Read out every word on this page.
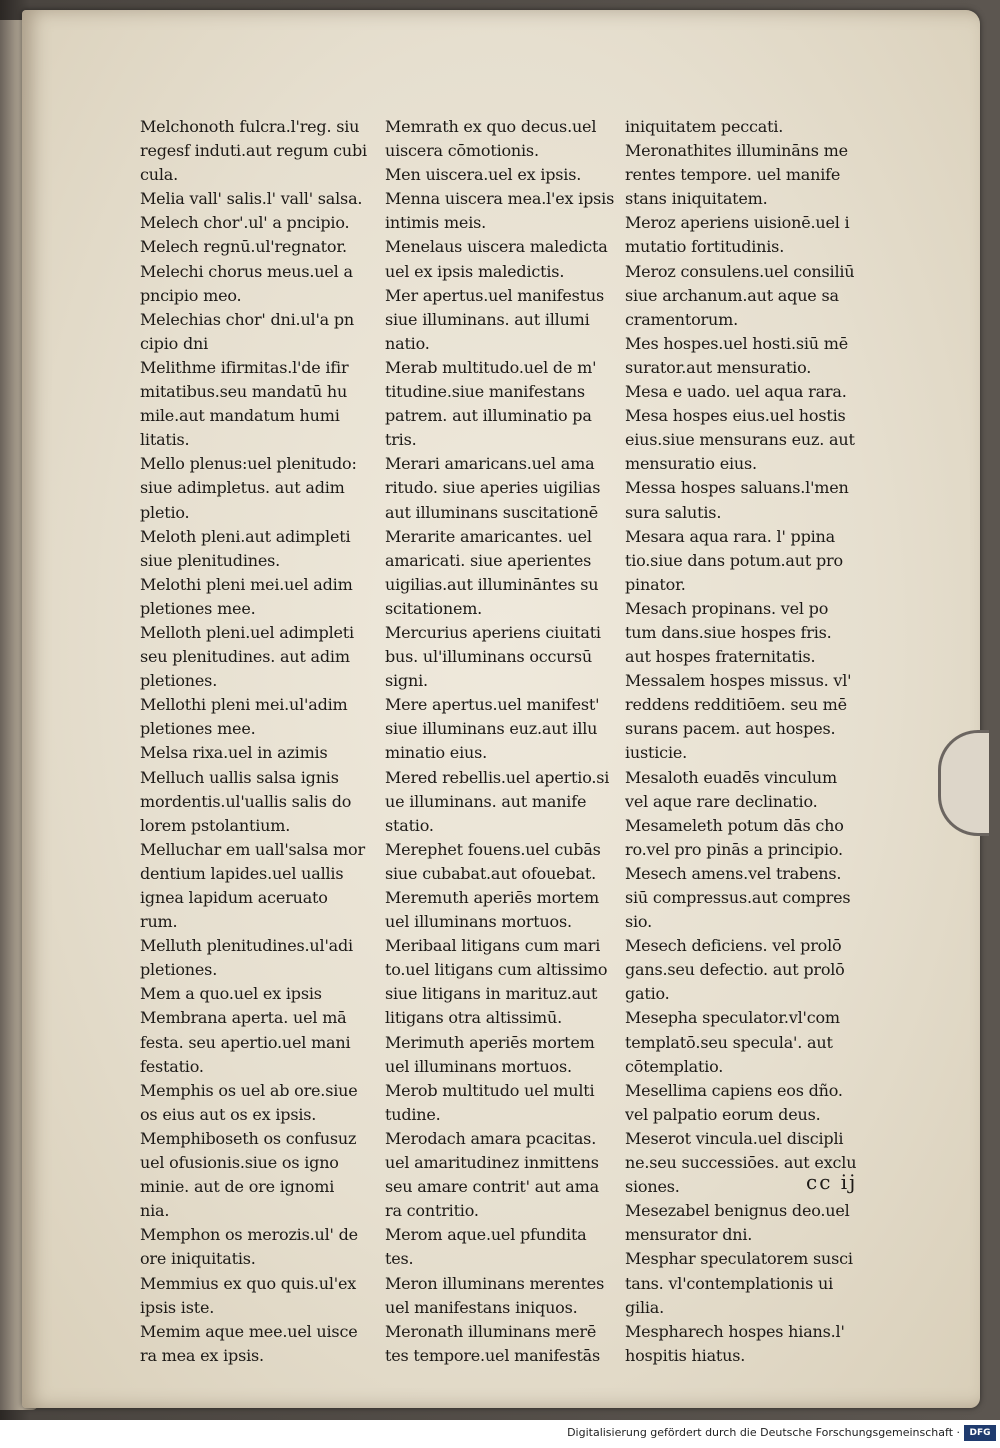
Melchonoth fulcra.l'reg. siu
regesf induti.aut regum cubi
cula.
Melia vall' salis.l' vall' salsa.
Melech chor'.ul' a pncipio.
Melech regnū.ul'regnator.
Melechi chorus meus.uel a
pncipio meo.
Melechias chor' dni.ul'a pn
cipio dni
Melithme ifirmitas.l'de ifir
mitatibus.seu mandatū hu
mile.aut mandatum humi
litatis.
Mello plenus:uel plenitudo:
siue adimpletus. aut adim
pletio.
Meloth pleni.aut adimpleti
siue plenitudines.
Melothi pleni mei.uel adim
pletiones mee.
Melloth pleni.uel adimpleti
seu plenitudines. aut adim
pletiones.
Mellothi pleni mei.ul'adim
pletiones mee.
Melsa rixa.uel in azimis
Melluch uallis salsa ignis
mordentis.ul'uallis salis do
lorem pstolantium.
Melluchar em uall'salsa mor
dentium lapides.uel uallis
ignea lapidum aceruato
rum.
Melluth plenitudines.ul'adi
pletiones.
Mem a quo.uel ex ipsis
Membrana aperta. uel mā
festa. seu apertio.uel mani
festatio.
Memphis os uel ab ore.siue
os eius aut os ex ipsis.
Memphiboseth os confusuz
uel ofusionis.siue os igno
minie. aut de ore ignomi
nia.
Memphon os merozis.ul' de
ore iniquitatis.
Memmius ex quo quis.ul'ex
ipsis iste.
Memim aque mee.uel uisce
ra mea ex ipsis.
Memrath ex quo decus.uel
uiscera cōmotionis.
Men uiscera.uel ex ipsis.
Menna uiscera mea.l'ex ipsis
intimis meis.
Menelaus uiscera maledicta
uel ex ipsis maledictis.
Mer apertus.uel manifestus
siue illuminans. aut illumi
natio.
Merab multitudo.uel de m'
titudine.siue manifestans
patrem. aut illuminatio pa
tris.
Merari amaricans.uel ama
ritudo. siue aperies uigilias
aut illuminans suscitationē
Merarite amaricantes. uel
amaricati. siue aperientes
uigilias.aut illumināntes su
scitationem.
Mercurius aperiens ciuitati
bus. ul'illuminans occursū
signi.
Mere apertus.uel manifest'
siue illuminans euz.aut illu
minatio eius.
Mered rebellis.uel apertio.si
ue illuminans. aut manife
statio.
Merephet fouens.uel cubās
siue cubabat.aut ofouebat.
Meremuth aperiēs mortem
uel illuminans mortuos.
Meribaal litigans cum mari
to.uel litigans cum altissimo
siue litigans in marituz.aut
litigans otra altissimū.
Merimuth aperiēs mortem
uel illuminans mortuos.
Merob multitudo uel multi
tudine.
Merodach amara pcacitas.
uel amaritudinez inmittens
seu amare contrit' aut ama
ra contritio.
Merom aque.uel pfundita
tes.
Meron illuminans merentes
uel manifestans iniquos.
Meronath illuminans merē
tes tempore.uel manifestās
iniquitatem peccati.
Meronathites illumināns me
rentes tempore. uel manife
stans iniquitatem.
Meroz aperiens uisionē.uel i
mutatio fortitudinis.
Meroz consulens.uel consiliū
siue archanum.aut aque sa
cramentorum.
Mes hospes.uel hosti.siū mē
surator.aut mensuratio.
Mesa e uado. uel aqua rara.
Mesa hospes eius.uel hostis
eius.siue mensurans euz. aut
mensuratio eius.
Messa hospes saluans.l'men
sura salutis.
Mesara aqua rara. l' ppina
tio.siue dans potum.aut pro
pinator.
Mesach propinans. vel po
tum dans.siue hospes fris.
aut hospes fraternitatis.
Messalem hospes missus. vl'
reddens redditiōem. seu mē
surans pacem. aut hospes.
iusticie.
Mesaloth euadēs vinculum
vel aque rare declinatio.
Mesameleth potum dās cho
ro.vel pro pinās a principio.
Mesech amens.vel trabens.
siū compressus.aut compres
sio.
Mesech deficiens. vel prolō
gans.seu defectio. aut prolō
gatio.
Mesepha speculator.vl'com
templatō.seu specula'. aut
cōtemplatio.
Mesellima capiens eos dño.
vel palpatio eorum deus.
Meserot vincula.uel discipli
ne.seu successiōes. aut exclu
siones.
Mesezabel benignus deo.uel
mensurator dni.
Mesphar speculatorem susci
tans. vl'contemplationis ui
gilia.
Mespharech hospes hians.l'
hospitis hiatus.
cc ij
Digitalisierung gefördert durch die Deutsche Forschungsgemeinschaft ·	DFG
